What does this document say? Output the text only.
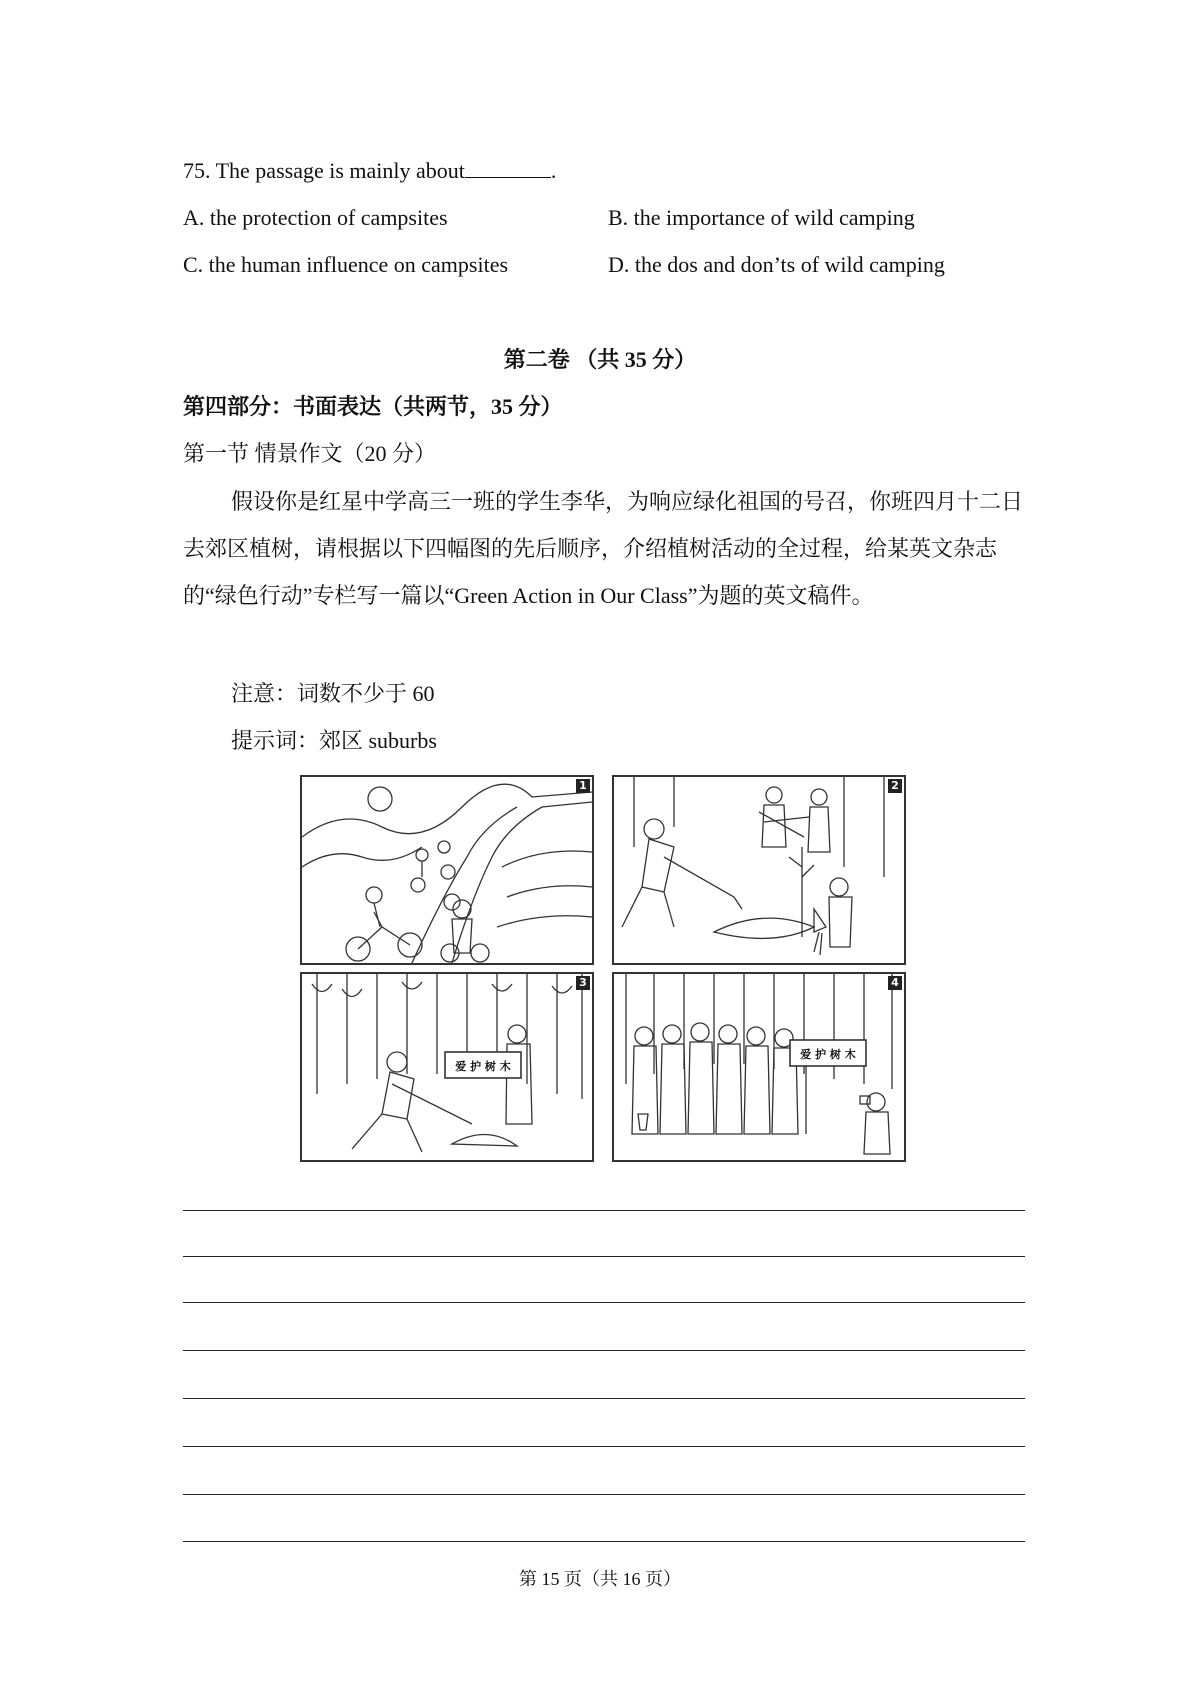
75. The passage is mainly about	.
A. the protection of campsites	B. the importance of wild camping
C. the human influence on campsites	D. the dos and don’ts of wild camping
第二卷 （共 35 分）
第四部分：书面表达（共两节，35 分）
第一节 情景作文（20 分）
假设你是红星中学高三一班的学生李华，为响应绿化祖国的号召，你班四月十二日去郊区植树，请根据以下四幅图的先后顺序，介绍植树活动的全过程，给某英文杂志的“绿色行动”专栏写一篇以“Green Action in Our Class”为题的英文稿件。
注意：词数不少于 60
提示词：郊区 suburbs
1	2
3
爱 护 树 木
4
爱 护 树 木
第 15 页（共 16 页）
